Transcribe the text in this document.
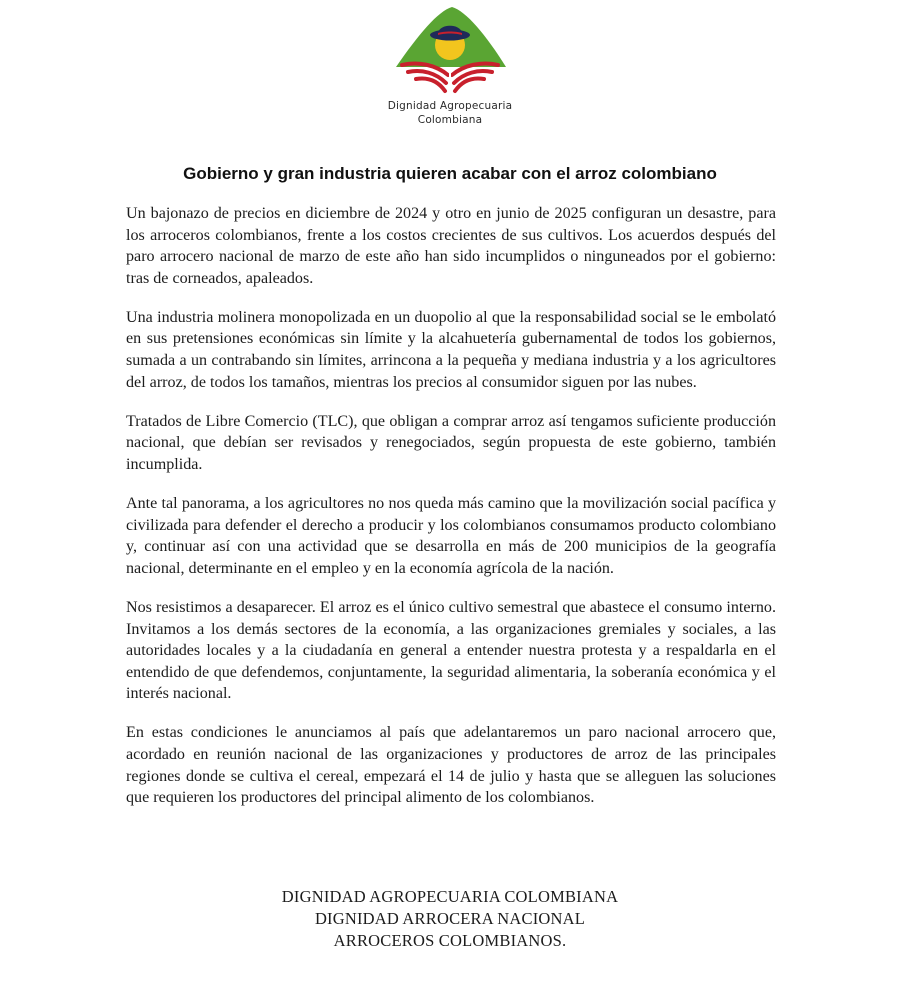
Dignidad Agropecuaria
Colombiana
Gobierno y gran industria quieren acabar con el arroz colombiano

Un bajonazo de precios en diciembre de 2024 y otro en junio de 2025 configuran un desastre, para los arroceros colombianos, frente a los costos crecientes de sus cultivos. Los acuerdos después del paro arrocero nacional de marzo de este año han sido incumplidos o ninguneados por el gobierno: tras de corneados, apaleados.

Una industria molinera monopolizada en un duopolio al que la responsabilidad social se le embolató en sus pretensiones económicas sin límite y la alcahuetería gubernamental de todos los gobiernos, sumada a un contrabando sin límites, arrincona a la pequeña y mediana industria y a los agricultores del arroz, de todos los tamaños, mientras los precios al consumidor siguen por las nubes.

Tratados de Libre Comercio (TLC), que obligan a comprar arroz así tengamos suficiente producción nacional, que debían ser revisados y renegociados, según propuesta de este gobierno, también incumplida.

Ante tal panorama, a los agricultores no nos queda más camino que la movilización social pacífica y civilizada para defender el derecho a producir y los colombianos consumamos producto colombiano y, continuar así con una actividad que se desarrolla en más de 200 municipios de la geografía nacional, determinante en el empleo y en la economía agrícola de la nación.

Nos resistimos a desaparecer. El arroz es el único cultivo semestral que abastece el consumo interno. Invitamos a los demás sectores de la economía, a las organizaciones gremiales y sociales, a las autoridades locales y a la ciudadanía en general a entender nuestra protesta y a respaldarla en el entendido de que defendemos, conjuntamente, la seguridad alimentaria, la soberanía económica y el interés nacional.

En estas condiciones le anunciamos al país que adelantaremos un paro nacional arrocero que, acordado en reunión nacional de las organizaciones y productores de arroz de las principales regiones donde se cultiva el cereal, empezará el 14 de julio y hasta que se alleguen las soluciones que requieren los productores del principal alimento de los colombianos.

DIGNIDAD AGROPECUARIA COLOMBIANA
DIGNIDAD ARROCERA NACIONAL
ARROCEROS COLOMBIANOS.
